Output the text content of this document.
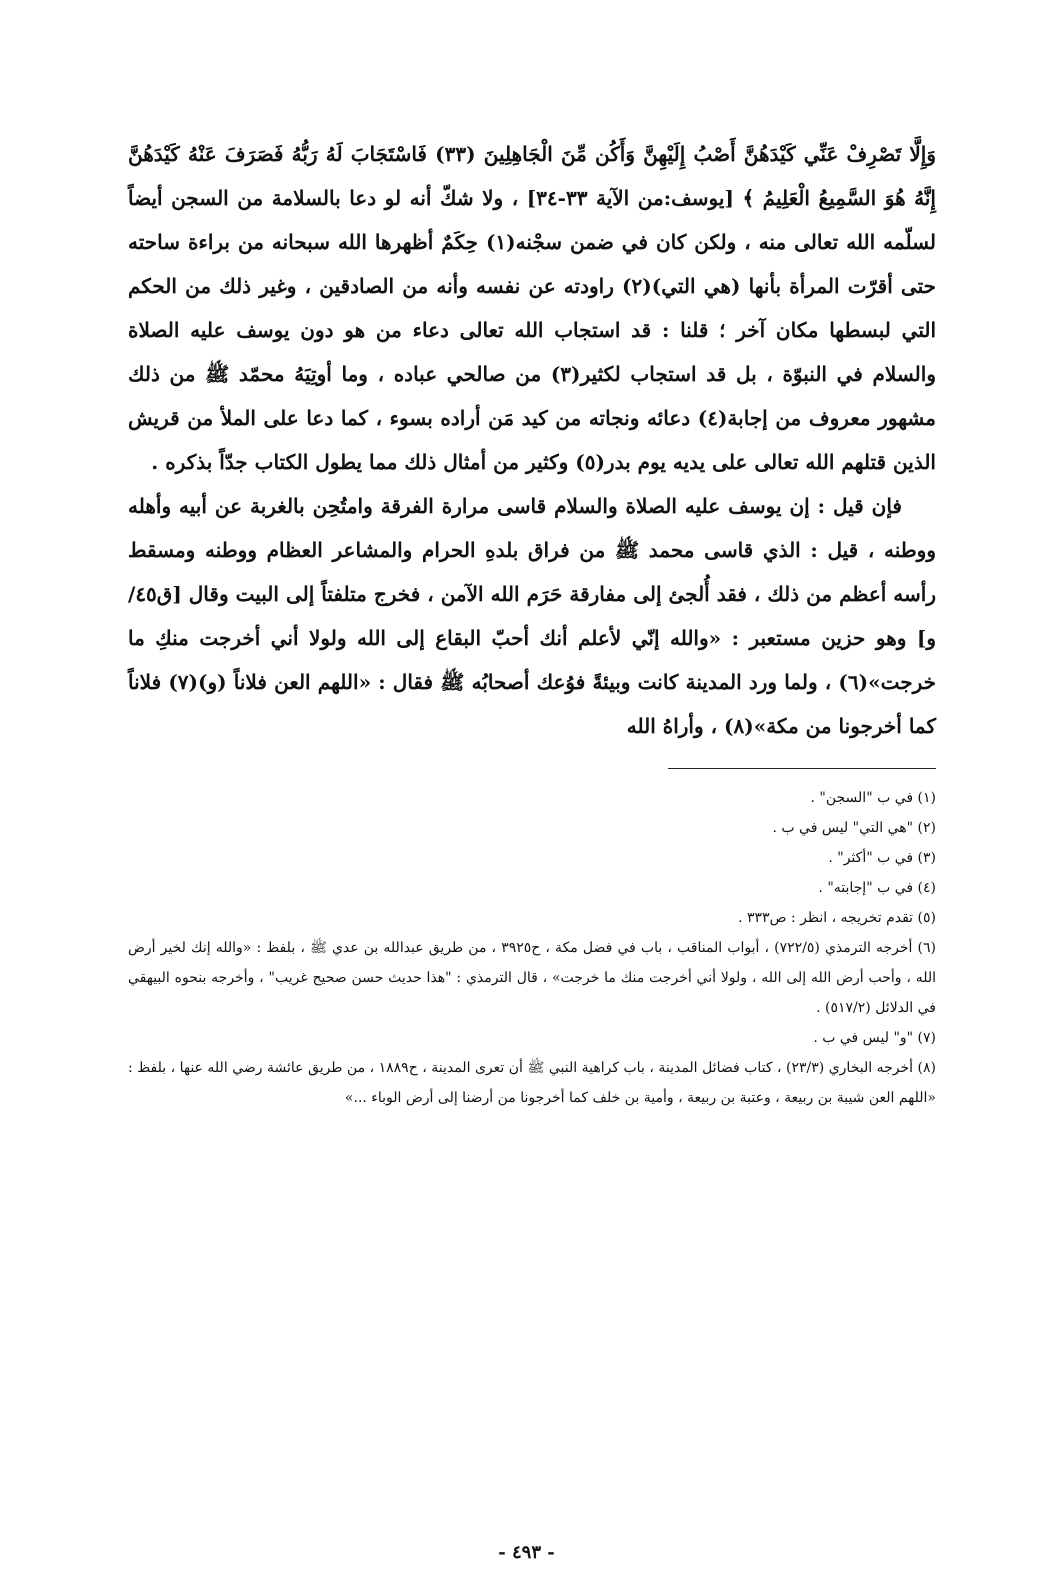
وَإِلَّا تَصْرِفْ عَنِّي كَيْدَهُنَّ أَصْبُ إِلَيْهِنَّ وَأَكُن مِّنَ الْجَاهِلِينَ (٣٣) فَاسْتَجَابَ لَهُ رَبُّهُ فَصَرَفَ عَنْهُ كَيْدَهُنَّ إِنَّهُ هُوَ السَّمِيعُ الْعَلِيمُ ﴾ [يوسف:من الآية ٣٣-٣٤] ، ولا شكّ أنه لو دعا بالسلامة من السجن أيضاً لسلّمه الله تعالى منه ، ولكن كان في ضمن سجْنه(١) حِكَمٌ أظهرها الله سبحانه من براءة ساحته حتى أقرّت المرأة بأنها (هي التي)(٢) راودته عن نفسه وأنه من الصادقين ، وغير ذلك من الحكم التي لبسطها مكان آخر ؛ قلنا : قد استجاب الله تعالى دعاء من هو دون يوسف عليه الصلاة والسلام في النبوّة ، بل قد استجاب لكثير(٣) من صالحي عباده ، وما أوتِيَهُ محمّد ﷺ من ذلك مشهور معروف من إجابة(٤) دعائه ونجاته من كيد مَن أراده بسوء ، كما دعا على الملأ من قريش الذين قتلهم الله تعالى على يديه يوم بدر(٥) وكثير من أمثال ذلك مما يطول الكتاب جدّاً بذكره .

فإن قيل : إن يوسف عليه الصلاة والسلام قاسى مرارة الفرقة وامتُحِن بالغربة عن أبيه وأهله ووطنه ، قيل : الذي قاسى محمد ﷺ من فراق بلدهِ الحرام والمشاعر العظام ووطنه ومسقط رأسه أعظم من ذلك ، فقد أُلجئ إلى مفارقة حَرَم الله الآمن ، فخرج متلفتاً إلى البيت وقال [ق٤٥/و] وهو حزين مستعبر : «والله إنّي لأعلم أنك أحبّ البقاع إلى الله ولولا أني أخرجت منكِ ما خرجت»(٦) ، ولما ورد المدينة كانت وبيئةً فوُعك أصحابُه ﷺ فقال : «اللهم العن فلاناً (و)(٧) فلاناً كما أخرجونا من مكة»(٨) ، وأراهُ الله

(١) في ب "السجن" .

(٢) "هي التي" ليس في ب .

(٣) في ب "أكثر" .

(٤) في ب "إجابته" .

(٥) تقدم تخريجه ، انظر : ص٣٣٣ .

(٦) أخرجه الترمذي (٧٢٢/٥) ، أبواب المناقب ، باب في فضل مكة ، ح٣٩٢٥ ، من طريق عبدالله بن عدي ﷺ ، بلفظ : «والله إنك لخير أرض الله ، وأحب أرض الله إلى الله ، ولولا أني أخرجت منك ما خرجت» ، قال الترمذي : "هذا حديث حسن صحيح غريب" ، وأخرجه بنحوه البيهقي في الدلائل (٥١٧/٢) .

(٧) "و" ليس في ب .

(٨) أخرجه البخاري (٢٣/٣) ، كتاب فضائل المدينة ، باب كراهية النبي ﷺ أن تعرى المدينة ، ح١٨٨٩ ، من طريق عائشة رضي الله عنها ، بلفظ : «اللهم العن شيبة بن ربيعة ، وعتبة بن ربيعة ، وأمية بن خلف كما أخرجونا من أرضنا إلى أرض الوباء ...»

- ٤٩٣ -
